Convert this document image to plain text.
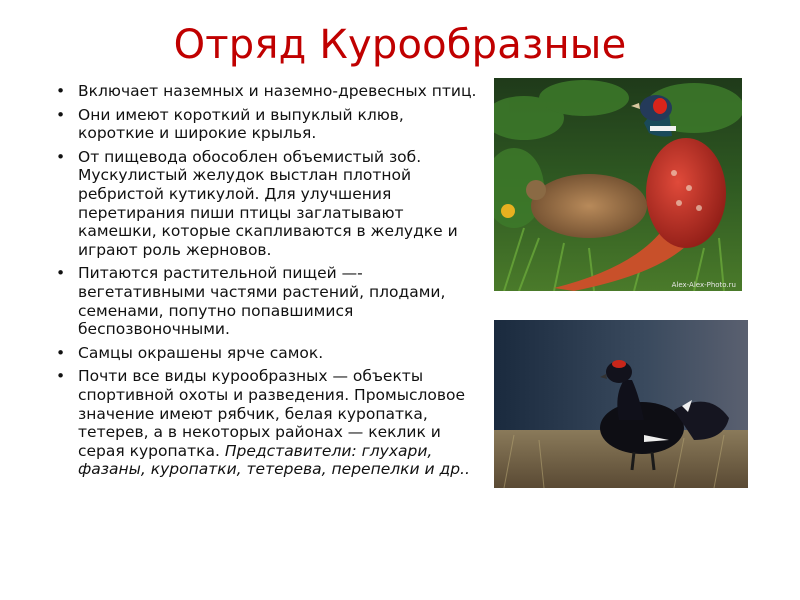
Отряд Курообразные
• Включает наземных и наземно-древесных птиц.
• Они имеют короткий и выпуклый клюв, короткие и широкие крылья.
• От пищевода обособлен объемистый зоб. Мускулистый желудок выстлан плотной ребристой кутикулой. Для улучшения перетирания пиши птицы заглатывают камешки, которые скапливаются в желудке и играют роль жерновов.
• Питаются растительной пищей —- вегетативными частями растений, плодами, семенами, попутно попавшимися беспозвоночными.
• Самцы окрашены ярче самок.
• Почти все виды курообразных — объекты спортивной охоты и разведения. Промысловое значение имеют рябчик, белая куропатка, тетерев, а в некоторых районах — кеклик и серая куропатка. Представители: глухари, фазаны, куропатки, тетерева, перепелки и др..
Alex-Alex-Photo.ru
